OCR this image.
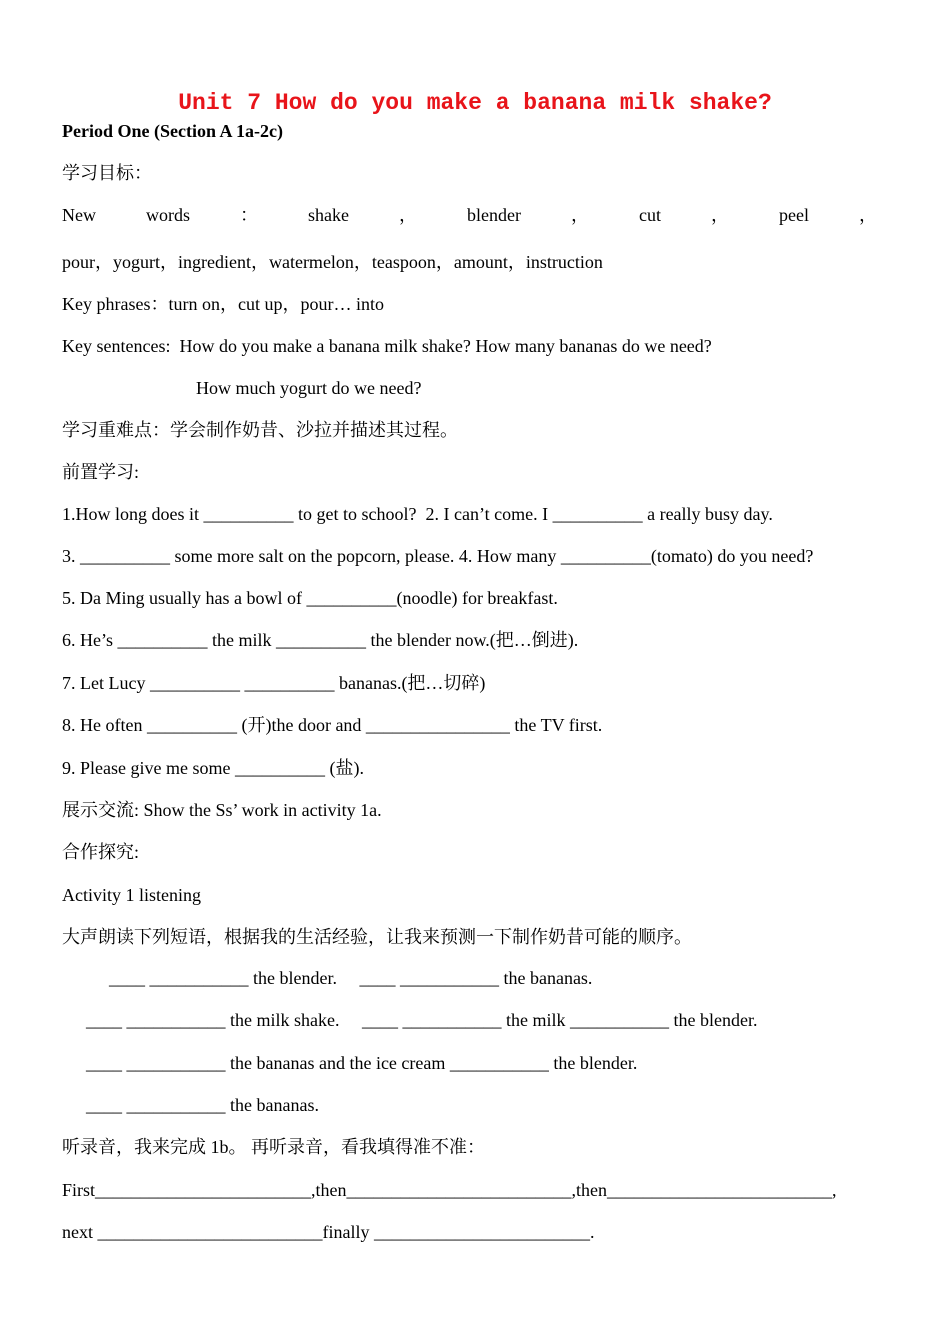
Unit 7 How do you make a banana milk shake?
Period One (Section A 1a-2c)
学习目标：
New	words	：	shake	，	blender	，	cut	，	peel	，
pour，yogurt，ingredient，watermelon，teaspoon，amount，instruction
Key phrases：turn on，cut up，pour… into
Key sentences:  How do you make a banana milk shake? How many bananas do we need?
How much yogurt do we need?
学习重难点：学会制作奶昔、沙拉并描述其过程。
前置学习:
1.How long does it __________ to get to school?  2. I can’t come. I __________ a really busy day.
3. __________ some more salt on the popcorn, please. 4. How many __________(tomato) do you need?
5. Da Ming usually has a bowl of __________(noodle) for breakfast.
6. He’s __________ the milk __________ the blender now.(把…倒进).
7. Let Lucy __________ __________ bananas.(把…切碎)
8. He often __________ (开)the door and ________________ the TV first.
9. Please give me some __________ (盐).
展示交流: Show the Ss’ work in activity 1a.
合作探究:
Activity 1 listening
大声朗读下列短语，根据我的生活经验，让我来预测一下制作奶昔可能的顺序。
____ ___________ the blender.     ____ ___________ the bananas.
____ ___________ the milk shake.     ____ ___________ the milk ___________ the blender.
____ ___________ the bananas and the ice cream ___________ the blender.
____ ___________ the bananas.
听录音，我来完成 1b。 再听录音，看我填得准不准：
First________________________,then_________________________,then_________________________,
next _________________________finally ________________________.
